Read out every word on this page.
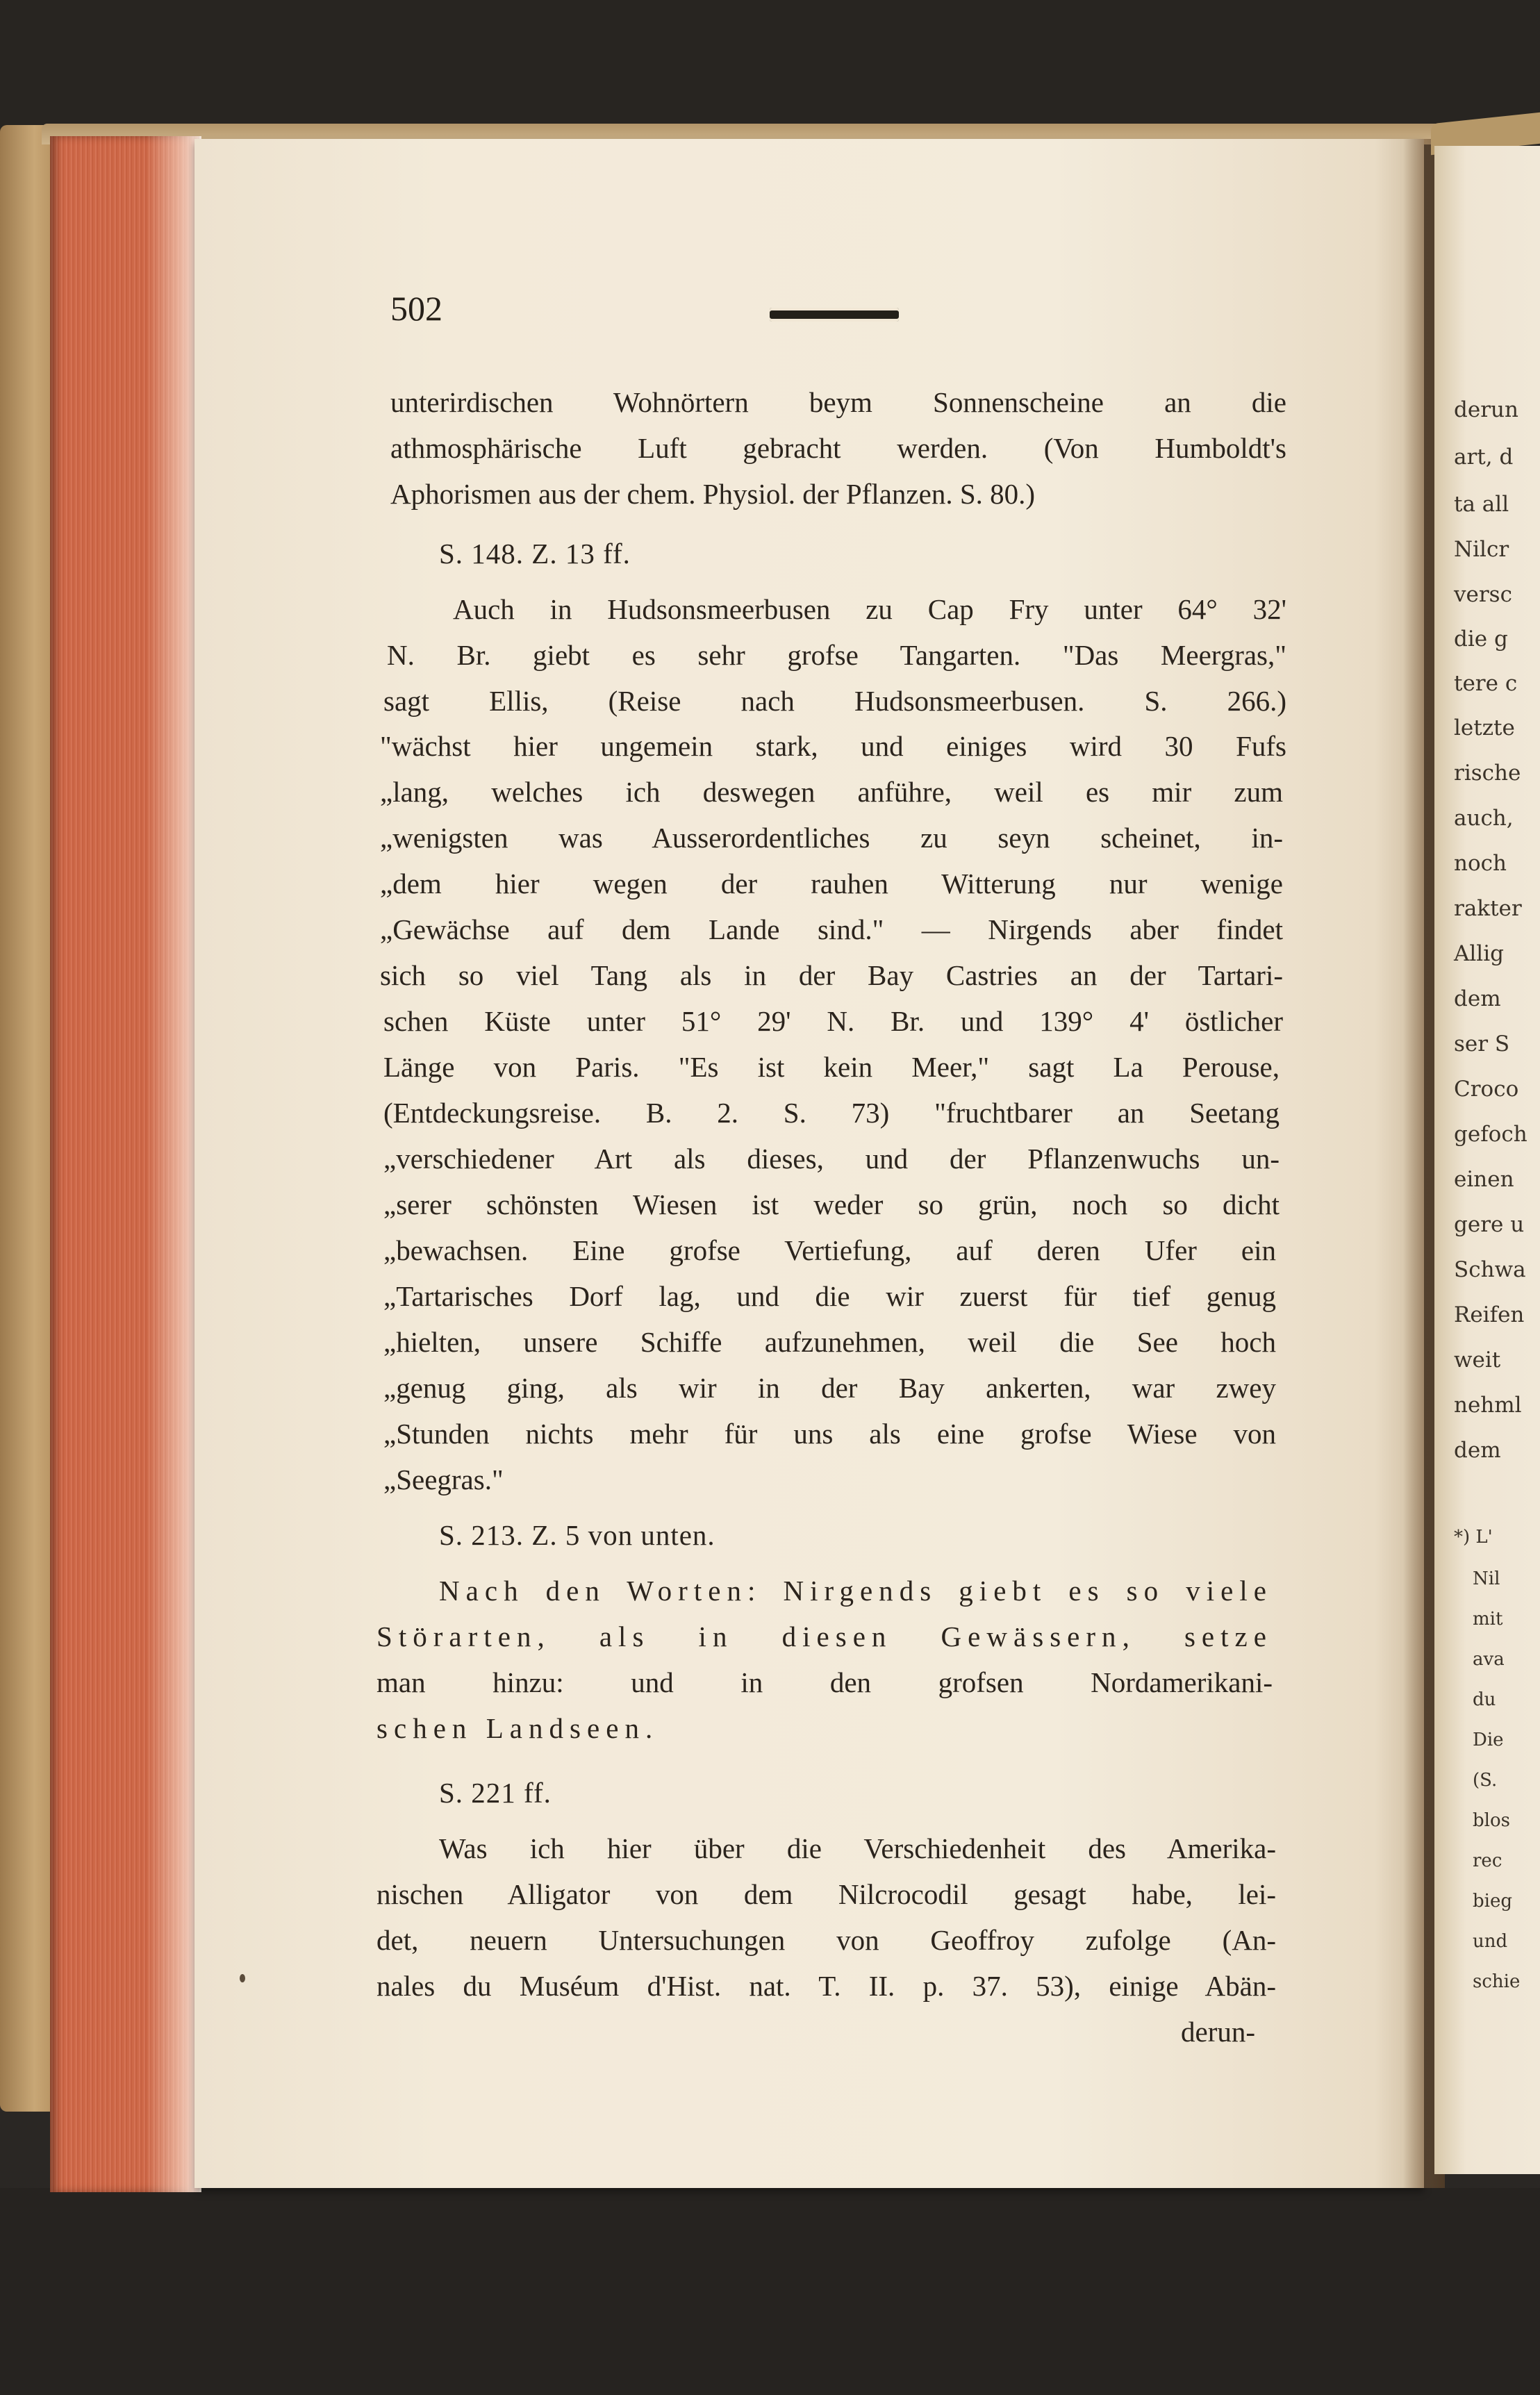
derun
art, d
ta all
Nilcr
versc
die g
tere c
letzte
rische
auch,
noch
rakter
Allig
dem
ser S
Croco
gefoch
einen
gere u
Schwa
Reifen
weit
nehml
dem
*) L'
Nil
mit
ava
du
Die
(S.
blos
rec
bieg
und
schie
502
unterirdischen Wohnörtern beym Sonnenscheine an die
athmosphärische Luft gebracht werden. (Von Humboldt's
Aphorismen aus der chem. Physiol. der Pflanzen. S. 80.)
S. 148. Z. 13 ff.
Auch in Hudsonsmeerbusen zu Cap Fry unter 64° 32'
N. Br. giebt es sehr grofse Tangarten. "Das Meergras,"
sagt Ellis, (Reise nach Hudsonsmeerbusen. S. 266.)
"wächst hier ungemein stark, und einiges wird 30 Fufs
„lang, welches ich deswegen anführe, weil es mir zum
„wenigsten was Ausserordentliches zu seyn scheinet, in-
„dem hier wegen der rauhen Witterung nur wenige
„Gewächse auf dem Lande sind." — Nirgends aber findet
sich so viel Tang als in der Bay Castries an der Tartari-
schen Küste unter 51° 29' N. Br. und 139° 4' östlicher
Länge von Paris. "Es ist kein Meer," sagt La Perouse,
(Entdeckungsreise. B. 2. S. 73) "fruchtbarer an Seetang
„verschiedener Art als dieses, und der Pflanzenwuchs un-
„serer schönsten Wiesen ist weder so grün, noch so dicht
„bewachsen. Eine grofse Vertiefung, auf deren Ufer ein
„Tartarisches Dorf lag, und die wir zuerst für tief genug
„hielten, unsere Schiffe aufzunehmen, weil die See hoch
„genug ging, als wir in der Bay ankerten, war zwey
„Stunden nichts mehr für uns als eine grofse Wiese von
„Seegras."
S. 213. Z. 5 von unten.
Nach den Worten: Nirgends giebt es so viele
Störarten, als in diesen Gewässern, setze
man hinzu: und in den grofsen Nordamerikani-
schen Landseen.
S. 221 ff.
Was ich hier über die Verschiedenheit des Amerika-
nischen Alligator von dem Nilcrocodil gesagt habe, lei-
det, neuern Untersuchungen von Geoffroy zufolge (An-
nales du Muséum d'Hist. nat. T. II. p. 37. 53), einige Abän-
derun-
